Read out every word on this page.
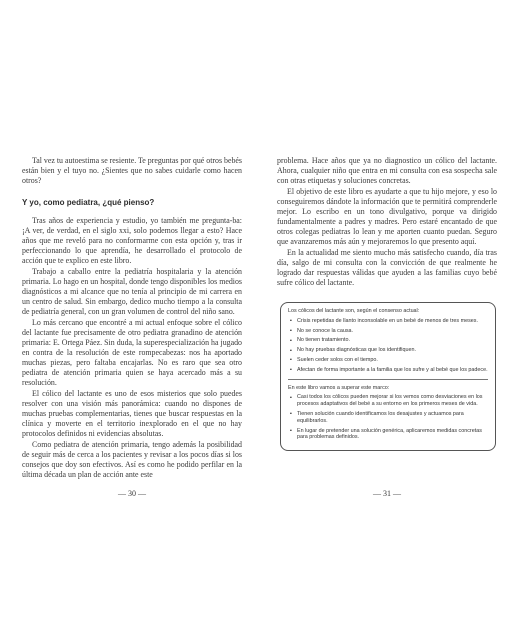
Tal vez tu autoestima se resiente. Te preguntas por qué otros bebés están bien y el tuyo no. ¿Sientes que no sabes cuidarle como hacen otros?

Y yo, como pediatra, ¿qué pienso?

Tras años de experiencia y estudio, yo también me pregunta-ba: ¡A ver, de verdad, en el siglo xxi, solo podemos llegar a esto? Hace años que me reveló para no conformarme con esta opción y, tras ir perfeccionando lo que aprendía, he desarrollado el protocolo de acción que te explico en este libro.

Trabajo a caballo entre la pediatría hospitalaria y la atención primaria. Lo hago en un hospital, donde tengo disponibles los medios diagnósticos a mi alcance que no tenía al principio de mi carrera en un centro de salud. Sin embargo, dedico mucho tiempo a la consulta de pediatría general, con un gran volumen de control del niño sano.

Lo más cercano que encontré a mi actual enfoque sobre el cólico del lactante fue precisamente de otro pediatra granadino de atención primaria: E. Ortega Páez. Sin duda, la superespecialización ha jugado en contra de la resolución de este rompecabezas: nos ha aportado muchas piezas, pero faltaba encajarlas. No es raro que sea otro pediatra de atención primaria quien se haya acercado más a su resolución.

El cólico del lactante es uno de esos misterios que solo puedes resolver con una visión más panorámica: cuando no dispones de muchas pruebas complementarias, tienes que buscar respuestas en la clínica y moverte en el territorio inexplorado en el que no hay protocolos definidos ni evidencias absolutas.

Como pediatra de atención primaria, tengo además la posibilidad de seguir más de cerca a los pacientes y revisar a los pocos días si los consejos que doy son efectivos. Así es como he podido perfilar en la última década un plan de acción ante este

— 30 —

problema. Hace años que ya no diagnostico un cólico del lactante. Ahora, cualquier niño que entra en mi consulta con esa sospecha sale con otras etiquetas y soluciones concretas.

El objetivo de este libro es ayudarte a que tu hijo mejore, y eso lo conseguiremos dándote la información que te permitirá comprenderle mejor. Lo escribo en un tono divulgativo, porque va dirigido fundamentalmente a padres y madres. Pero estaré encantado de que otros colegas pediatras lo lean y me aporten cuanto puedan. Seguro que avanzaremos más aún y mejoraremos lo que presento aquí.

En la actualidad me siento mucho más satisfecho cuando, día tras día, salgo de mi consulta con la convicción de que realmente he logrado dar respuestas válidas que ayuden a las familias cuyo bebé sufre cólico del lactante.

Los cólicos del lactante son, según el consenso actual:

▪ Crisis repetidas de llanto inconsolable en un bebé de menos de tres meses.
▪ No se conoce la causa.
▪ No tienen tratamiento.
▪ No hay pruebas diagnósticas que los identifiquen.
▪ Suelen ceder solos con el tiempo.
▪ Afectan de forma importante a la familia que los sufre y al bebé que los padece.

En este libro vamos a superar este marco:

▪ Casi todos los cólicos pueden mejorar si los vemos como desviaciones en los procesos adaptativos del bebé a su entorno en los primeros meses de vida.
▪ Tienen solución cuando identificamos los desajustes y actuamos para equilibrarlos.
▪ En lugar de pretender una solución genérica, aplicaremos medidas concretas para problemas definidos.
— 31 —
